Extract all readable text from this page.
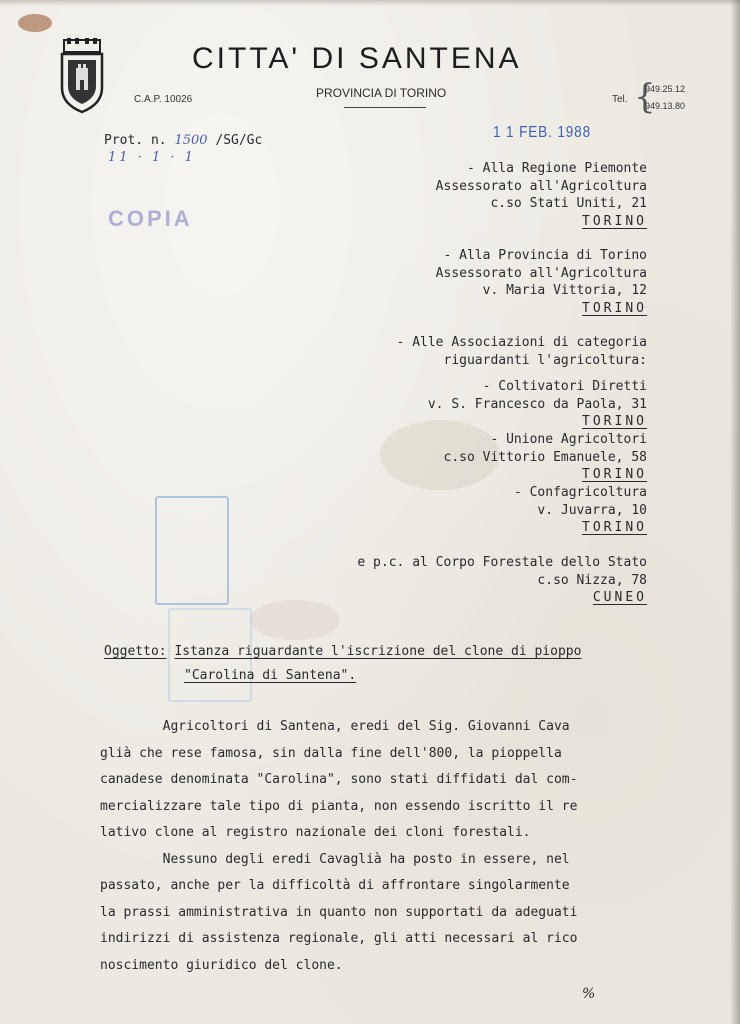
CITTA' DI SANTENA
PROVINCIA DI TORINO
C.A.P. 10026	Tel. {
949.25.12
949.13.80
1 1 FEB. 1988
COPIA
Prot. n. 1500 /SG/Gc
11 · 1 · 1
- Alla Regione Piemonte
Assessorato all'Agricoltura
c.so Stati Uniti, 21
TORINO
- Alla Provincia di Torino
Assessorato all'Agricoltura
v. Maria Vittoria, 12
TORINO
- Alle Associazioni di categoria
riguardanti l'agricoltura:
- Coltivatori Diretti
v. S. Francesco da Paola, 31
TORINO
- Unione Agricoltori
c.so Vittorio Emanuele, 58
TORINO
- Confagricoltura
v. Juvarra, 10
TORINO
e p.c. al Corpo Forestale dello Stato
c.so Nizza, 78
CUNEO
Oggetto: Istanza riguardante l'iscrizione del clone di pioppo
"Carolina di Santena".

Agricoltori di Santena, eredi del Sig. Giovanni Cava

glià che rese famosa, sin dalla fine dell'800, la pioppella

canadese denominata "Carolina", sono stati diffidati dal com-

mercializzare tale tipo di pianta, non essendo iscritto il re

lativo clone al registro nazionale dei cloni forestali.

Nessuno degli eredi Cavaglià ha posto in essere, nel

passato, anche per la difficoltà di affrontare singolarmente

la prassi amministrativa in quanto non supportati da adeguati

indirizzi di assistenza regionale, gli atti necessari al rico

noscimento giuridico del clone.

%
